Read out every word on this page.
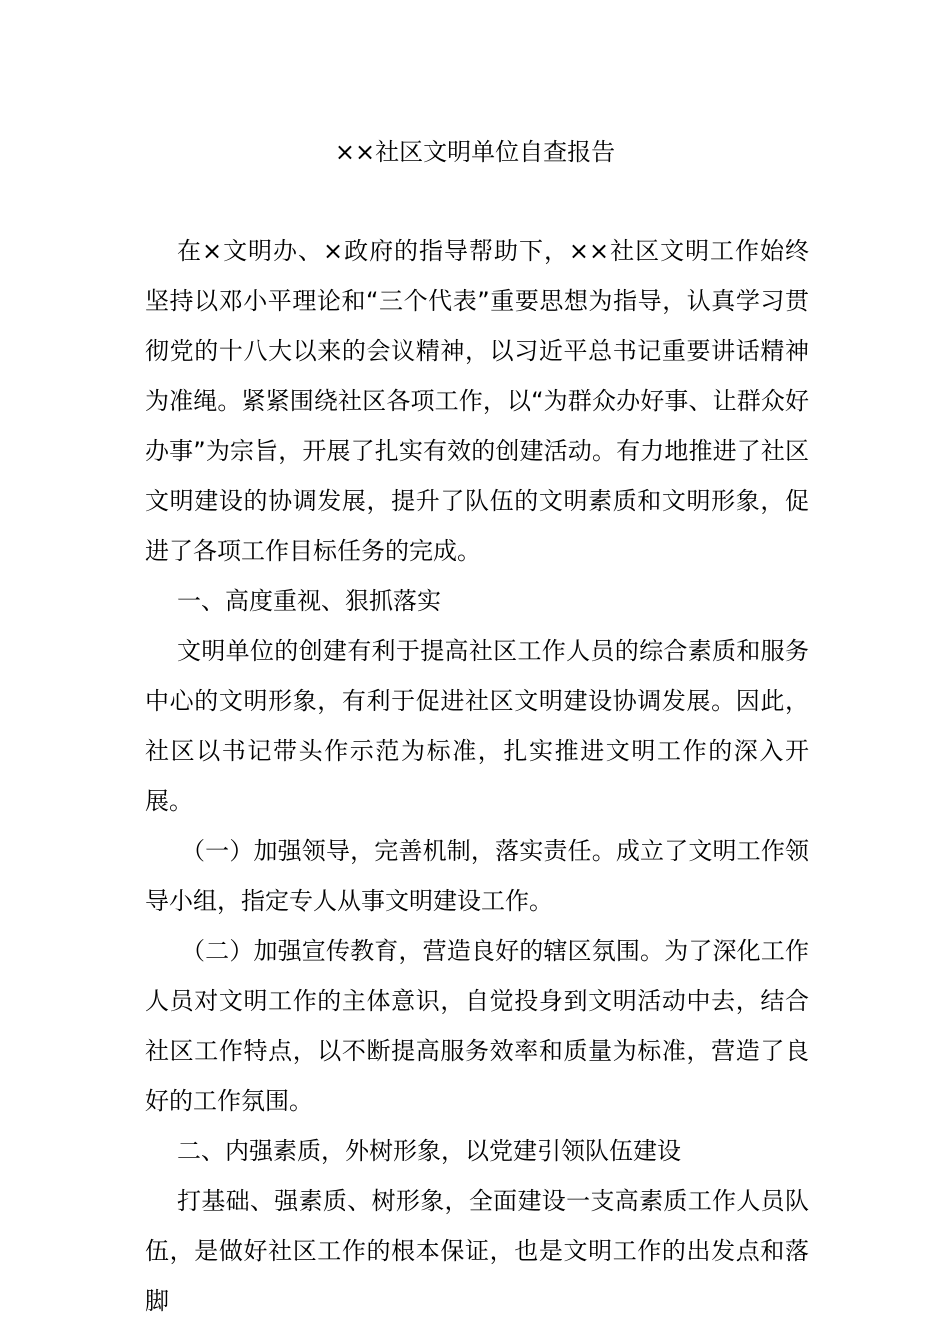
××社区文明单位自查报告

在×文明办、×政府的指导帮助下，××社区文明工作始终坚持以邓小平理论和“三个代表”重要思想为指导，认真学习贯彻党的十八大以来的会议精神，以习近平总书记重要讲话精神为准绳。紧紧围绕社区各项工作，以“为群众办好事、让群众好办事”为宗旨，开展了扎实有效的创建活动。有力地推进了社区文明建设的协调发展，提升了队伍的文明素质和文明形象，促进了各项工作目标任务的完成。

一、高度重视、狠抓落实

文明单位的创建有利于提高社区工作人员的综合素质和服务中心的文明形象，有利于促进社区文明建设协调发展。因此，社区以书记带头作示范为标准，扎实推进文明工作的深入开展。

（一）加强领导，完善机制，落实责任。成立了文明工作领导小组，指定专人从事文明建设工作。

（二）加强宣传教育，营造良好的辖区氛围。为了深化工作人员对文明工作的主体意识，自觉投身到文明活动中去，结合社区工作特点，以不断提高服务效率和质量为标准，营造了良好的工作氛围。

二、内强素质，外树形象，以党建引领队伍建设

打基础、强素质、树形象，全面建设一支高素质工作人员队伍，是做好社区工作的根本保证，也是文明工作的出发点和落脚
